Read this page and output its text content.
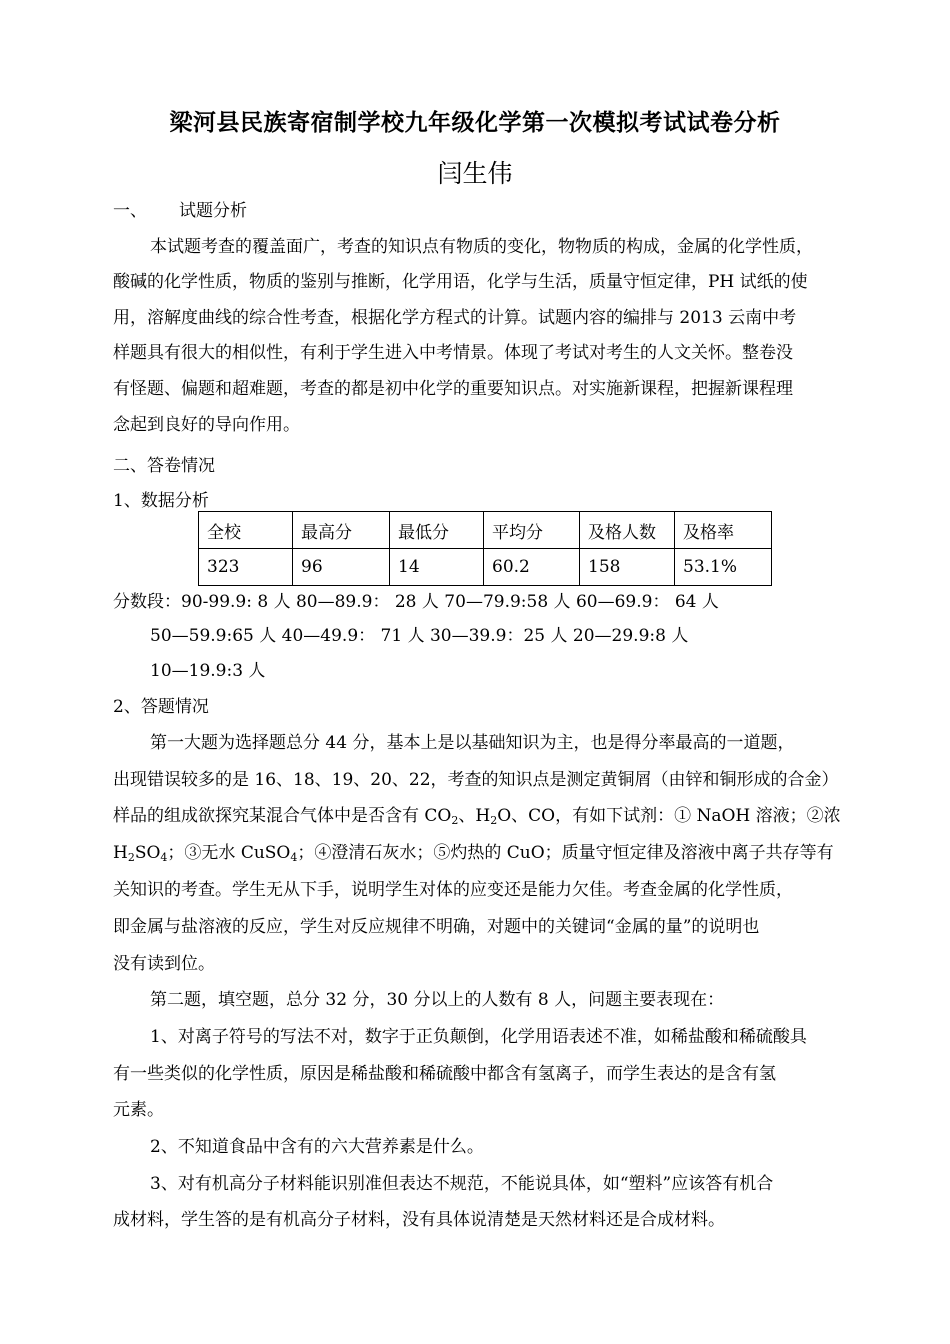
梁河县民族寄宿制学校九年级化学第一次模拟考试试卷分析
闫生伟
一、 试题分析
本试题考查的覆盖面广，考查的知识点有物质的变化，物物质的构成，金属的化学性质，
酸碱的化学性质，物质的鉴别与推断，化学用语，化学与生活，质量守恒定律，PH 试纸的使
用，溶解度曲线的综合性考查，根据化学方程式的计算。试题内容的编排与 2013 云南中考
样题具有很大的相似性，有利于学生进入中考情景。体现了考试对考生的人文关怀。整卷没
有怪题、偏题和超难题，考查的都是初中化学的重要知识点。对实施新课程，把握新课程理
念起到良好的导向作用。
二、答卷情况
1、数据分析
全校	最高分	最低分	平均分	及格人数	及格率
323	96	14	60.2	158	53.1%
分数段：90-99.9: 8 人 80—89.9： 28 人 70—79.9:58 人 60—69.9： 64 人
50—59.9:65 人 40—49.9： 71 人 30—39.9：25 人 20—29.9:8 人
10—19.9:3 人
2、答题情况
第一大题为选择题总分 44 分，基本上是以基础知识为主，也是得分率最高的一道题，
出现错误较多的是 16、18、19、20、22，考查的知识点是测定黄铜屑（由锌和铜形成的合金）
样品的组成欲探究某混合气体中是否含有 $CO_2$、$H_2O$、CO，有如下试剂：① NaOH 溶液；②浓
$H_2SO_4$；③无水 CuSO$_4$；④澄清石灰水；⑤灼热的 CuO；质量守恒定律及溶液中离子共存等有
关知识的考查。学生无从下手，说明学生对体的应变还是能力欠佳。考查金属的化学性质，
即金属与盐溶液的反应，学生对反应规律不明确，对题中的关键词“金属的量”的说明也
没有读到位。
第二题，填空题，总分 32 分，30 分以上的人数有 8 人，问题主要表现在：
1、对离子符号的写法不对，数字于正负颠倒，化学用语表述不准，如稀盐酸和稀硫酸具
有一些类似的化学性质，原因是稀盐酸和稀硫酸中都含有氢离子，而学生表达的是含有氢
元素。
2、不知道食品中含有的六大营养素是什么。
3、对有机高分子材料能识别准但表达不规范，不能说具体，如“塑料”应该答有机合
成材料，学生答的是有机高分子材料，没有具体说清楚是天然材料还是合成材料。
